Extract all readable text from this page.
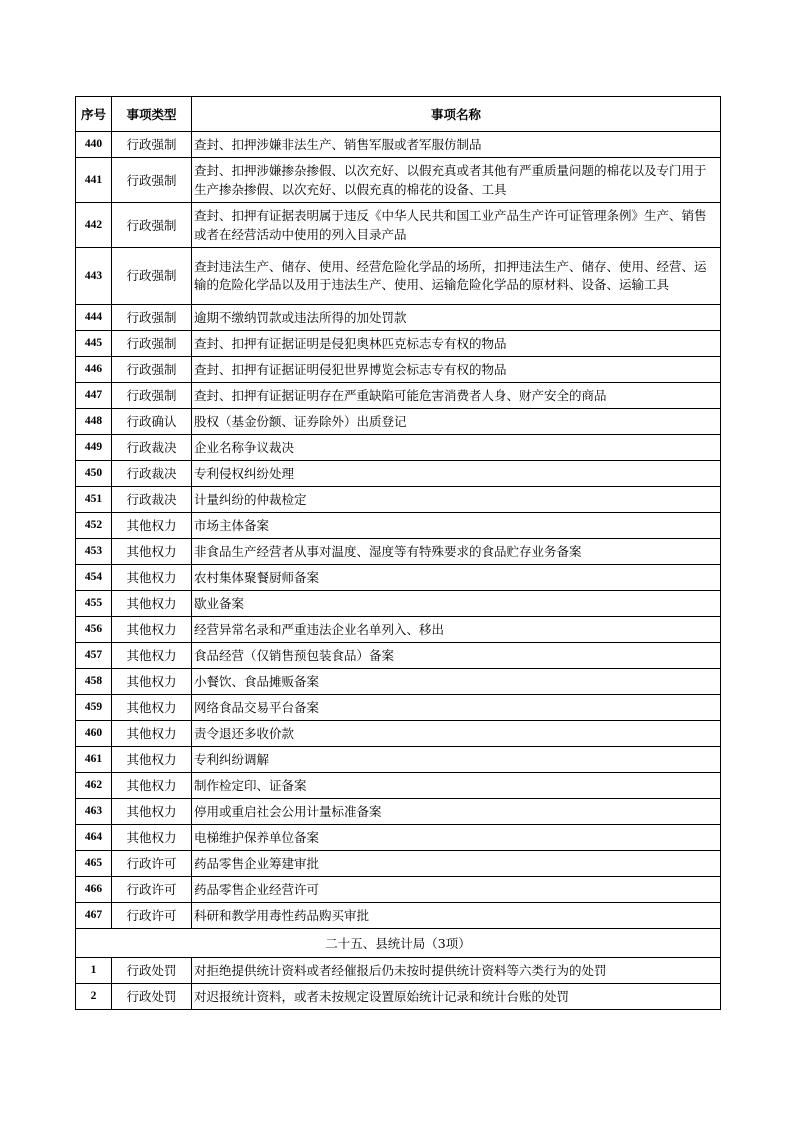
序号	事项类型	事项名称
440	行政强制	查封、扣押涉嫌非法生产、销售军服或者军服仿制品
441	行政强制	查封、扣押涉嫌掺杂掺假、以次充好、以假充真或者其他有严重质量问题的棉花以及专门用于生产掺杂掺假、以次充好、以假充真的棉花的设备、工具
442	行政强制	查封、扣押有证据表明属于违反《中华人民共和国工业产品生产许可证管理条例》生产、销售或者在经营活动中使用的列入目录产品
443	行政强制	查封违法生产、储存、使用、经营危险化学品的场所，扣押违法生产、储存、使用、经营、运输的危险化学品以及用于违法生产、使用、运输危险化学品的原材料、设备、运输工具
444	行政强制	逾期不缴纳罚款或违法所得的加处罚款
445	行政强制	查封、扣押有证据证明是侵犯奥林匹克标志专有权的物品
446	行政强制	查封、扣押有证据证明侵犯世界博览会标志专有权的物品
447	行政强制	查封、扣押有证据证明存在严重缺陷可能危害消费者人身、财产安全的商品
448	行政确认	股权（基金份额、证券除外）出质登记
449	行政裁决	企业名称争议裁决
450	行政裁决	专利侵权纠纷处理
451	行政裁决	计量纠纷的仲裁检定
452	其他权力	市场主体备案
453	其他权力	非食品生产经营者从事对温度、湿度等有特殊要求的食品贮存业务备案
454	其他权力	农村集体聚餐厨师备案
455	其他权力	歇业备案
456	其他权力	经营异常名录和严重违法企业名单列入、移出
457	其他权力	食品经营（仅销售预包装食品）备案
458	其他权力	小餐饮、食品摊贩备案
459	其他权力	网络食品交易平台备案
460	其他权力	责令退还多收价款
461	其他权力	专利纠纷调解
462	其他权力	制作检定印、证备案
463	其他权力	停用或重启社会公用计量标准备案
464	其他权力	电梯维护保养单位备案
465	行政许可	药品零售企业筹建审批
466	行政许可	药品零售企业经营许可
467	行政许可	科研和教学用毒性药品购买审批
二十五、县统计局（3项）		
1	行政处罚	对拒绝提供统计资料或者经催报后仍未按时提供统计资料等六类行为的处罚
2	行政处罚	对迟报统计资料，或者未按规定设置原始统计记录和统计台账的处罚
